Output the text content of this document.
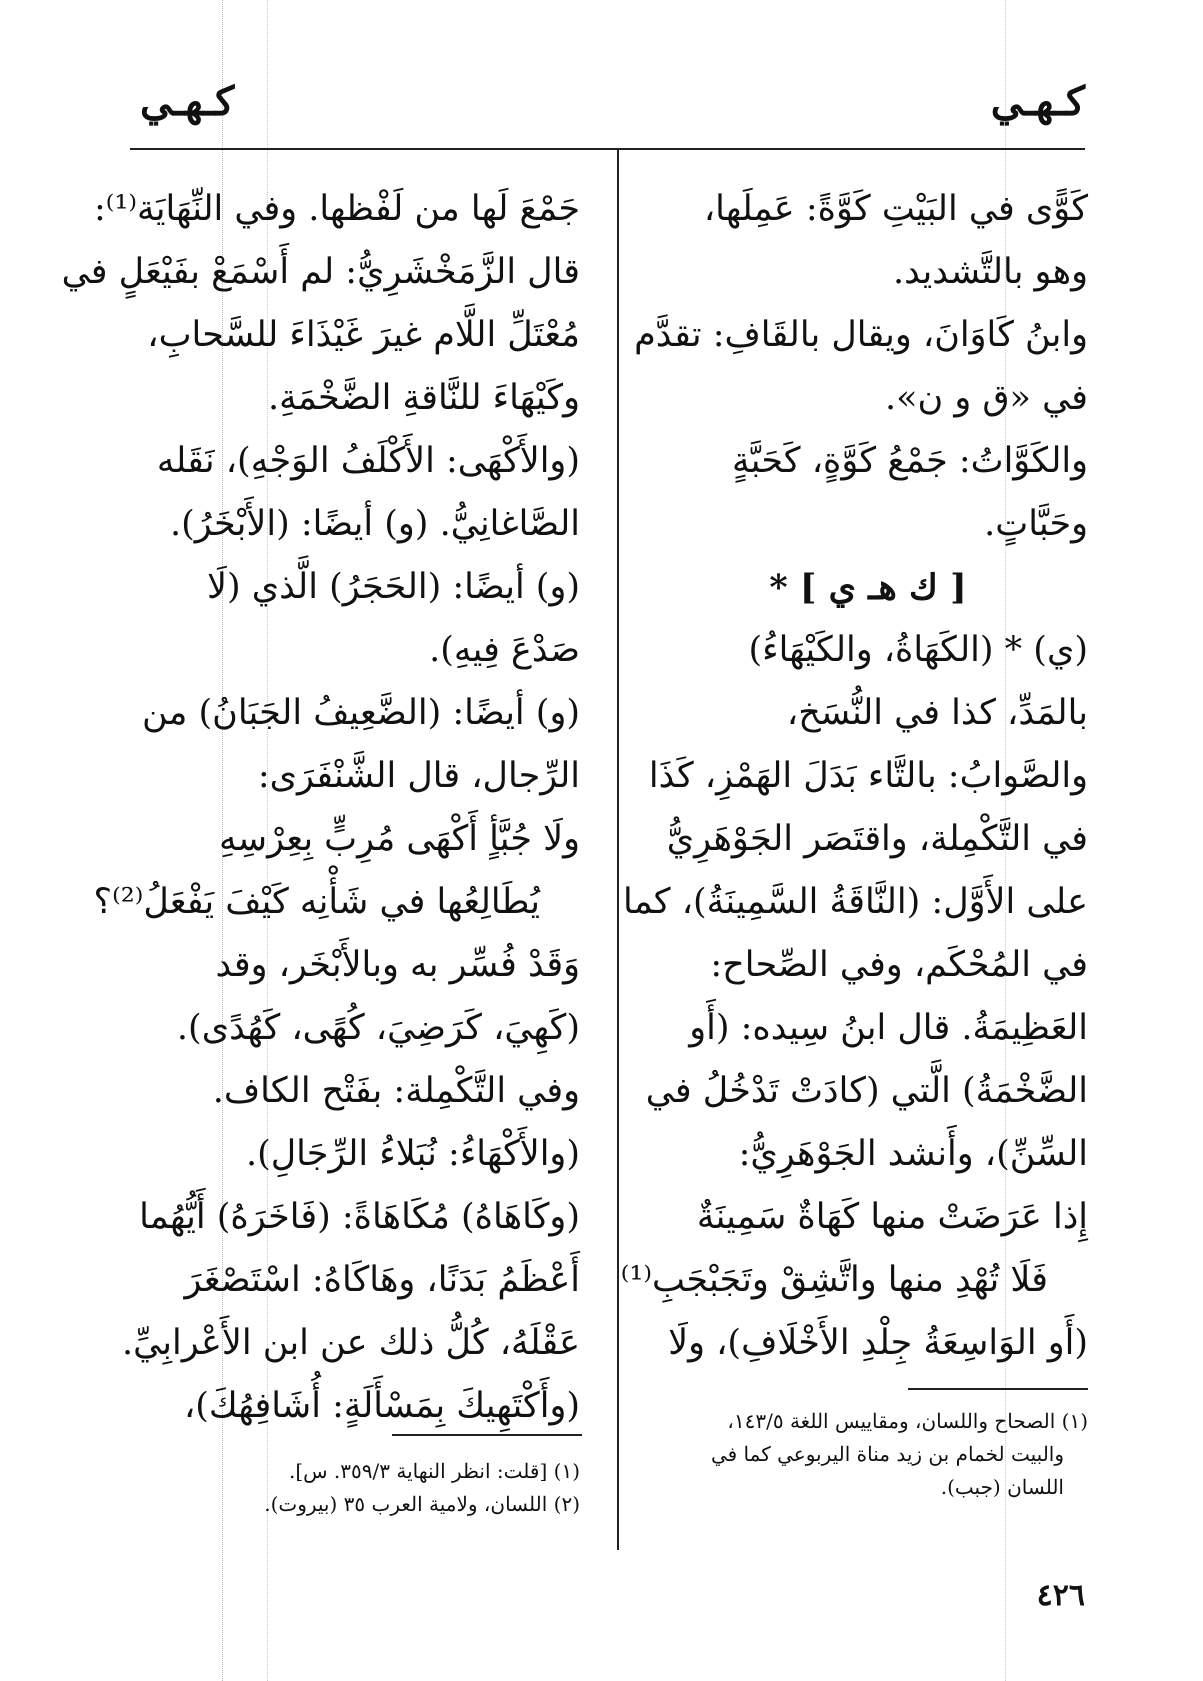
كـهـي
كـهـي
كَوًّى في البَيْتِ كَوَّةً: عَمِلَها،
وهو بالتَّشديد.
وابنُ كَاوَانَ، ويقال بالقَافِ: تقدَّم
في «ق و ن».
والكَوَّاتُ: جَمْعُ كَوَّةٍ، كَحَبَّةٍ
وحَبَّاتٍ.
[ ك هـ ي ] *
(ي) * (الكَهَاةُ، والكَيْهَاءُ)
بالمَدِّ، كذا في النُّسَخ،
والصَّوابُ: بالتَّاء بَدَلَ الهَمْزِ، كَذَا
في التَّكْمِلة، واقتَصَر الجَوْهَرِيُّ
على الأَوَّل: (النَّاقَةُ السَّمِينَةُ)، كما
في المُحْكَم، وفي الصِّحاح:
العَظِيمَةُ. قال ابنُ سِيده: (أَو
الضَّخْمَةُ) الَّتي (كادَتْ تَدْخُلُ في
السِّنِّ)، وأَنشد الجَوْهَرِيُّ:
إِذا عَرَضَتْ منها كَهَاةٌ سَمِينَةٌ
فَلَا تُهْدِ منها واتَّشِقْ وتَجَبْجَبِ⁽¹⁾
(أَو الوَاسِعَةُ جِلْدِ الأَخْلَافِ)، ولَا
جَمْعَ لَها من لَفْظها. وفي النِّهَايَة⁽¹⁾:
قال الزَّمَخْشَرِيُّ: لم أَسْمَعْ بفَيْعَلٍ في
مُعْتَلِّ اللَّام غيرَ غَيْذَاءَ للسَّحابِ،
وكَيْهَاءَ للنَّاقةِ الضَّخْمَةِ.
(والأَكْهَى: الأَكْلَفُ الوَجْهِ)، نَقَله
الصَّاغانِيُّ. (و) أيضًا: (الأَبْخَرُ).
(و) أيضًا: (الحَجَرُ) الَّذي (لَا
صَدْعَ فِيهِ).
(و) أيضًا: (الضَّعِيفُ الجَبَانُ) من
الرِّجال، قال الشَّنْفَرَى:
ولَا جُبَّأٍ أَكْهَى مُرِبٍّ بِعِرْسِهِ
يُطَالِعُها في شَأْنِه كَيْفَ يَفْعَلُ⁽²⁾؟
وَقَدْ فُسِّر به وبالأَبْخَر، وقد
(كَهِيَ، كَرَضِيَ، كُهًى، كَهُدًى).
وفي التَّكْمِلة: بفَتْح الكاف.
(والأَكْهَاءُ: نُبَلاءُ الرِّجَالِ).
(وكَاهَاهُ) مُكَاهَاةً: (فَاخَرَهُ) أَيُّهُما
أَعْظَمُ بَدَنًا، وهَاكَاهُ: اسْتَصْغَرَ
عَقْلَهُ، كُلُّ ذلك عن ابن الأَعْرابِيِّ.
(وأَكْتَهِيكَ بِمَسْأَلَةٍ: أُشَافِهُكَ)،	(١) الصحاح واللسان، ومقاييس اللغة ١٤٣/٥،
والبيت لخمام بن زيد مناة اليربوعي كما في
اللسان (جبب).
(١) [قلت: انظر النهاية ٣٥٩/٣. س].
(٢) اللسان، ولامية العرب ٣٥ (بيروت).
٤٢٦
